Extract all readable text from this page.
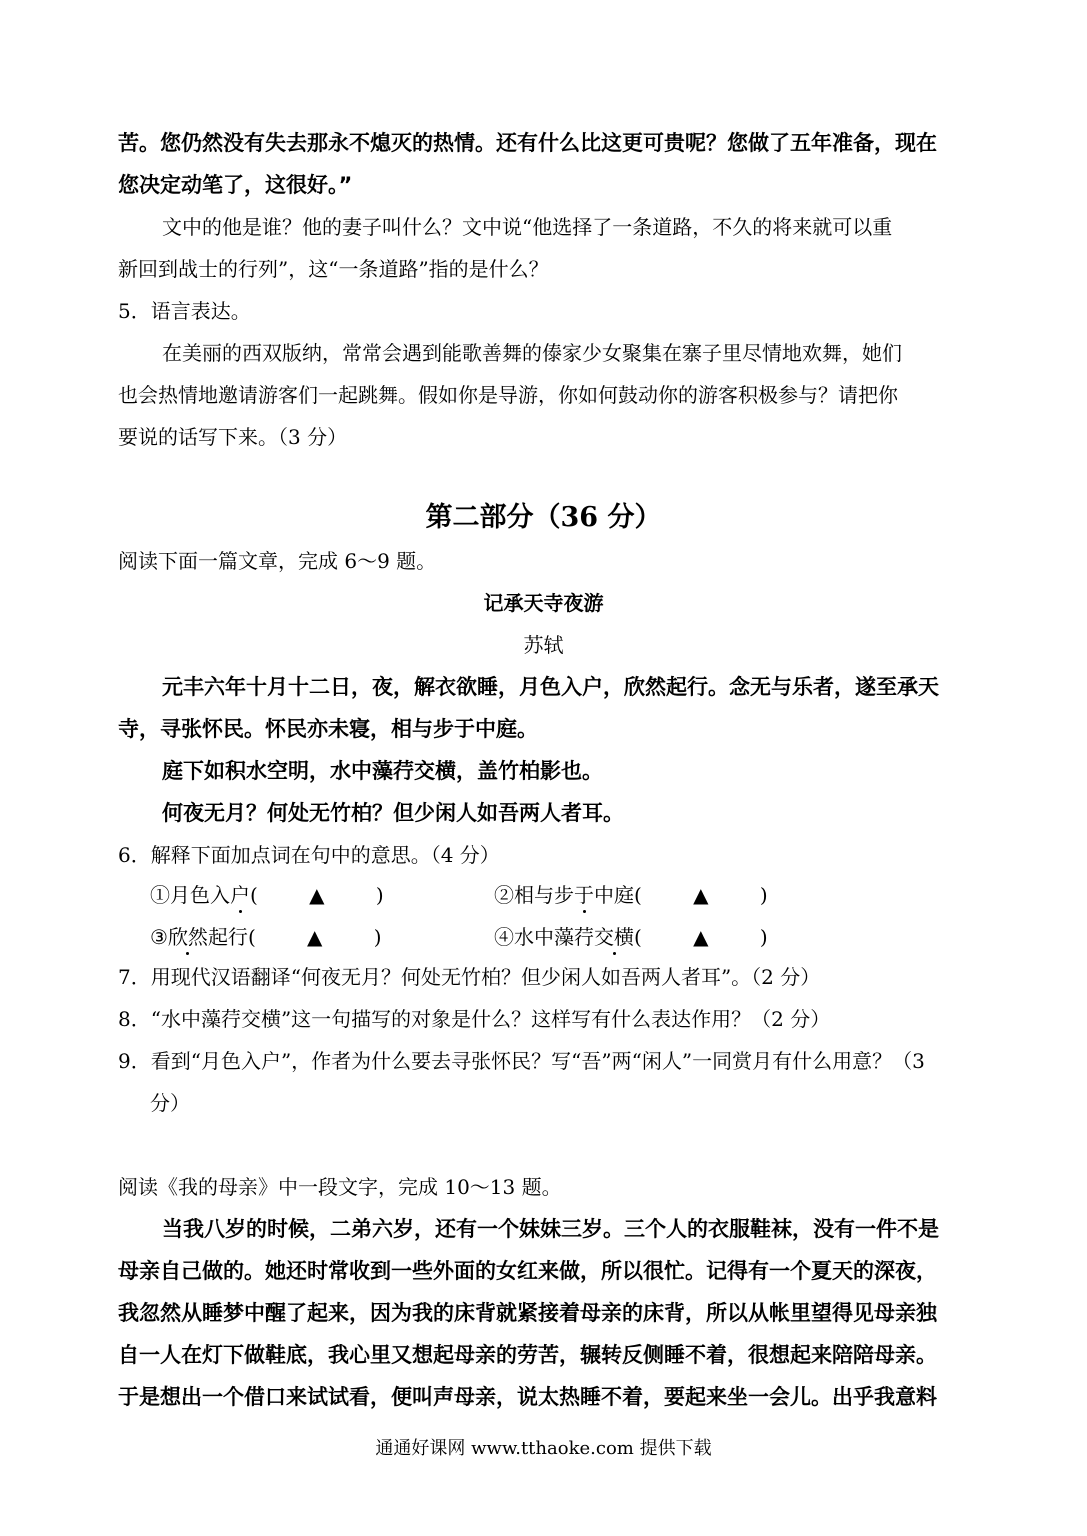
苦。您仍然没有失去那永不熄灭的热情。还有什么比这更可贵呢？您做了五年准备，现在
您决定动笔了，这很好。”
文中的他是谁？他的妻子叫什么？文中说“他选择了一条道路，不久的将来就可以重
新回到战士的行列”，这“一条道路”指的是什么？
5．语言表达。
在美丽的西双版纳，常常会遇到能歌善舞的傣家少女聚集在寨子里尽情地欢舞，她们
也会热情地邀请游客们一起跳舞。假如你是导游，你如何鼓动你的游客积极参与？请把你
要说的话写下来。（3 分）
第二部分（36 分）
阅读下面一篇文章，完成 6～9 题。
记承天寺夜游
苏轼
元丰六年十月十二日，夜，解衣欲睡，月色入户，欣然起行。念无与乐者，遂至承天
寺，寻张怀民。怀民亦未寝，相与步于中庭。
庭下如积水空明，水中藻荇交横，盖竹柏影也。
何夜无月？何处无竹柏？但少闲人如吾两人者耳。
6．解释下面加点词在句中的意思。（4 分）
①月色入户(	▲	)	②相与步于中庭(	▲	)
③欣然起行(	▲	)	④水中藻荇交横(	▲	)
7．用现代汉语翻译“何夜无月？何处无竹柏？但少闲人如吾两人者耳”。（2 分）
8．“水中藻荇交横”这一句描写的对象是什么？这样写有什么表达作用？（2 分）
9．看到“月色入户”，作者为什么要去寻张怀民？写“吾”两“闲人”一同赏月有什么用意？（3
分）
阅读《我的母亲》中一段文字，完成 10～13 题。
当我八岁的时候，二弟六岁，还有一个妹妹三岁。三个人的衣服鞋袜，没有一件不是
母亲自己做的。她还时常收到一些外面的女红来做，所以很忙。记得有一个夏天的深夜，
我忽然从睡梦中醒了起来，因为我的床背就紧接着母亲的床背，所以从帐里望得见母亲独
自一人在灯下做鞋底，我心里又想起母亲的劳苦，辗转反侧睡不着，很想起来陪陪母亲。
于是想出一个借口来试试看，便叫声母亲，说太热睡不着，要起来坐一会儿。出乎我意料
通通好课网 www.tthaoke.com 提供下载
